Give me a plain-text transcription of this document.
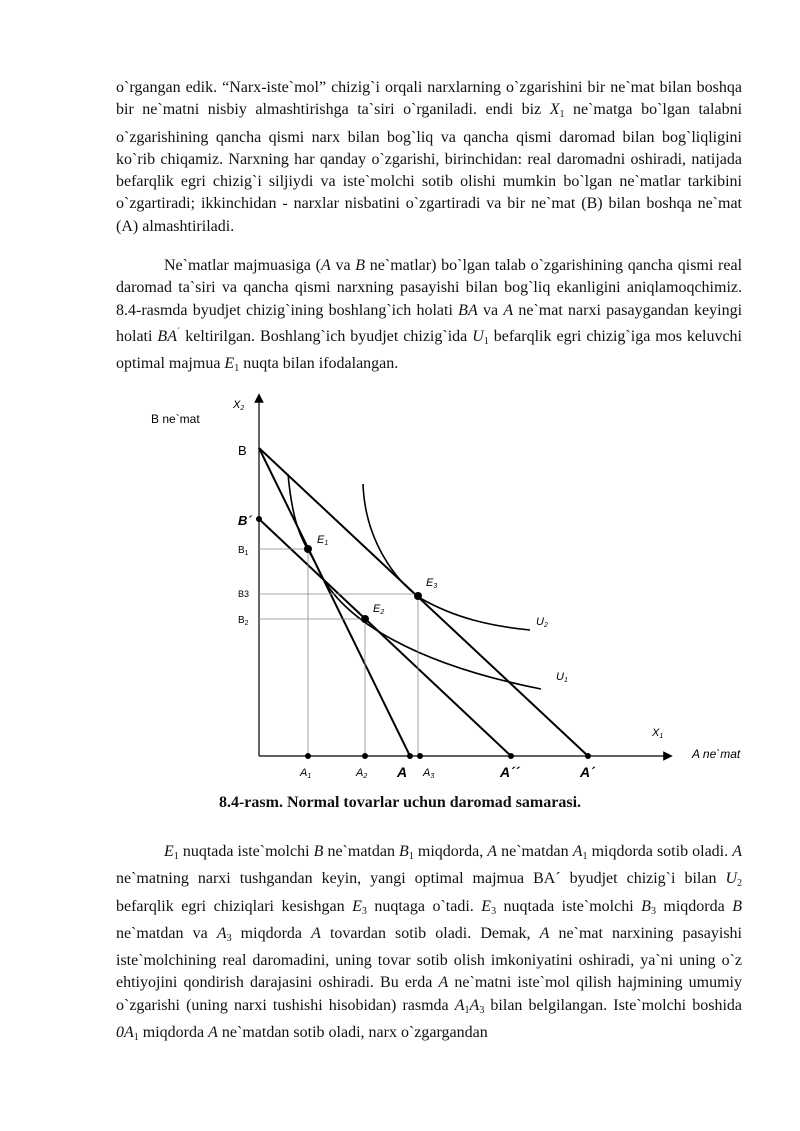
o`rgangan edik. “Narx-iste`mol” chizig`i orqali narxlarning o`zgarishini bir ne`mat bilan boshqa bir ne`matni nisbiy almashtirishga ta`siri o`rganiladi. endi biz $X_1$ ne`matga bo`lgan talabni o`zgarishining qancha qismi narx bilan bog`liq va qancha qismi daromad bilan bog`liqligini ko`rib chiqamiz. Narxning har qanday o`zgarishi, birinchidan: real daromadni oshiradi, natijada befarqlik egri chizig`i siljiydi va iste`molchi sotib olishi mumkin bo`lgan ne`matlar tarkibini o`zgartiradi; ikkinchidan - narxlar nisbatini o`zgartiradi va bir ne`mat (B) bilan boshqa ne`mat (A) almashtiriladi.

Ne`matlar majmuasiga (A va B ne`matlar) bo`lgan talab o`zgarishining qancha qismi real daromad ta`siri va qancha qismi narxning pasayishi bilan bog`liq ekanligini aniqlamoqchimiz. 8.4-rasmda byudjet chizig`ining boshlang`ich holati BA va A ne`mat narxi pasaygandan keyingi holati BA´ keltirilgan. Boshlang`ich byudjet chizig`ida $U_1$ befarqlik egri chizig`iga mos keluvchi optimal majmua $E_1$ nuqta bilan ifodalangan.

B ne`mat
A ne`mat
X2
X1
B
B´
$B_1$
B3
$B_2$
E1
E2
E3
U2
U1
A1	A2 A A3	A´´	A´
8.4-rasm. Normal tovarlar uchun daromad samarasi.

$E_1$ nuqtada iste`molchi B ne`matdan $B_1$ miqdorda, A ne`matdan $A_1$ miqdorda sotib oladi. A ne`matning narxi tushgandan keyin, yangi optimal majmua BA´ byudjet chizig`i bilan $U_2$ befarqlik egri chiziqlari kesishgan $E_3$ nuqtaga o`tadi. $E_3$ nuqtada iste`molchi $B_3$ miqdorda B ne`matdan va $A_3$ miqdorda A tovardan sotib oladi. Demak, A ne`mat narxining pasayishi iste`molchining real daromadini, uning tovar sotib olish imkoniyatini oshiradi, ya`ni uning o`z ehtiyojini qondirish darajasini oshiradi. Bu erda A ne`matni iste`mol qilish hajmining umumiy o`zgarishi (uning narxi tushishi hisobidan) rasmda $A_1A_3$ bilan belgilangan. Iste`molchi boshida $0A_1$ miqdorda A ne`matdan sotib oladi, narx o`zgargandan
